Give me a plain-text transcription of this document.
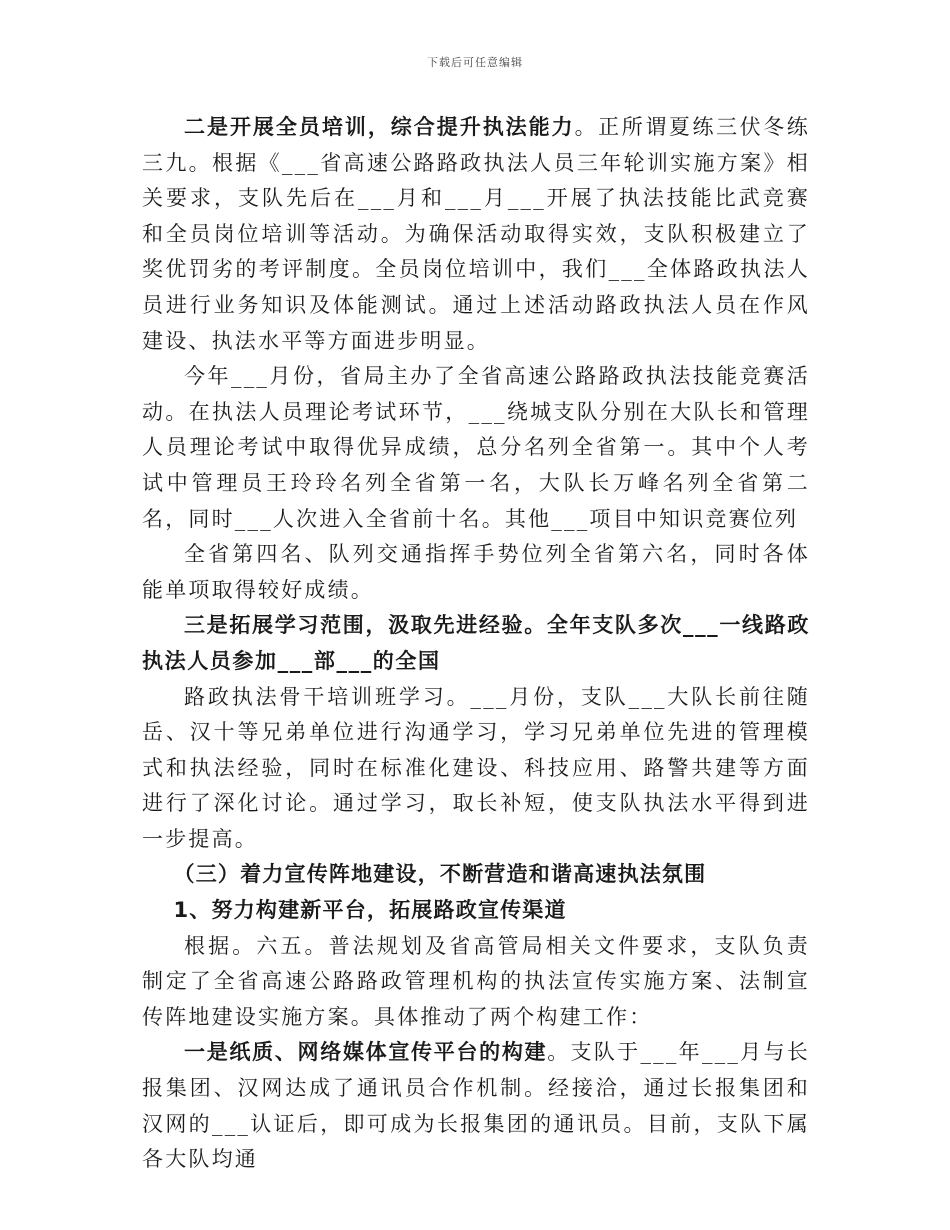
下载后可任意编辑

二是开展全员培训，综合提升执法能力。正所谓夏练三伏冬练三九。根据《___省高速公路路政执法人员三年轮训实施方案》相关要求，支队先后在___月和___月___开展了执法技能比武竞赛和全员岗位培训等活动。为确保活动取得实效，支队积极建立了奖优罚劣的考评制度。全员岗位培训中，我们___全体路政执法人员进行业务知识及体能测试。通过上述活动路政执法人员在作风建设、执法水平等方面进步明显。

今年___月份，省局主办了全省高速公路路政执法技能竞赛活动。在执法人员理论考试环节，___绕城支队分别在大队长和管理人员理论考试中取得优异成绩，总分名列全省第一。其中个人考试中管理员王玲玲名列全省第一名，大队长万峰名列全省第二名，同时___人次进入全省前十名。其他___项目中知识竞赛位列

全省第四名、队列交通指挥手势位列全省第六名，同时各体能单项取得较好成绩。

三是拓展学习范围，汲取先进经验。全年支队多次___一线路政执法人员参加___部___的全国

路政执法骨干培训班学习。___月份，支队___大队长前往随岳、汉十等兄弟单位进行沟通学习，学习兄弟单位先进的管理模式和执法经验，同时在标准化建设、科技应用、路警共建等方面进行了深化讨论。通过学习，取长补短，使支队执法水平得到进一步提高。

（三）着力宣传阵地建设，不断营造和谐高速执法氛围

1、努力构建新平台，拓展路政宣传渠道

根据。六五。普法规划及省高管局相关文件要求，支队负责制定了全省高速公路路政管理机构的执法宣传实施方案、法制宣传阵地建设实施方案。具体推动了两个构建工作：

一是纸质、网络媒体宣传平台的构建。支队于___年___月与长报集团、汉网达成了通讯员合作机制。经接洽，通过长报集团和汉网的___认证后，即可成为长报集团的通讯员。目前，支队下属各大队均通
